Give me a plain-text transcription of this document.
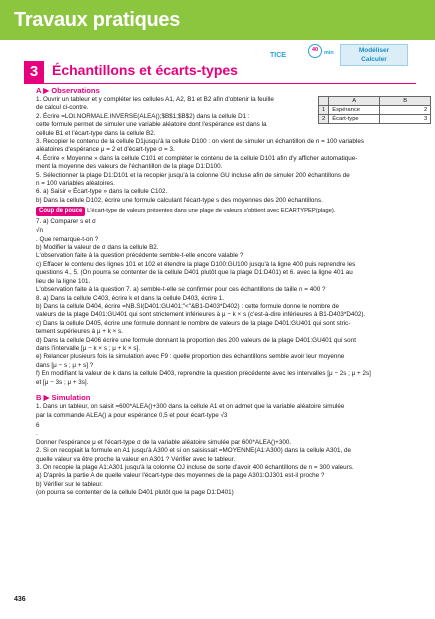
Travaux pratiques
TICE
40	min	Modéliser
Calculer
3 Échantillons et écarts-types
	A	B
1	Espérance	2
2	Écart-type	3
A ▶ Observations

1. Ouvrir un tableur et y compléter les cellules A1, A2, B1 et B2 afin d'obtenir la feuille

de calcul ci-contre.

2. Écrire =LOI.NORMALE.INVERSE(ALEA();$B$1;$B$2) dans la cellule D1 :

cette formule permet de simuler une variable aléatoire dont l'espérance est dans la

cellule B1 et l'écart-type dans la cellule B2.

3. Recopier le contenu de la cellule D1jusqu'à la cellule D100 : on vient de simuler un échantillon de n = 100 variables

aléatoires d'espérance μ = 2 et d'écart-type σ = 3.

4. Écrire « Moyenne » dans la cellule C101 et compléter le contenu de la cellule D101 afin d'y afficher automatique-

ment la moyenne des valeurs de l'échantillon de la plage D1:D100.

5. Sélectionner la plage D1:D101 et la recopier jusqu'à la colonne GU incluse afin de simuler 200 échantillons de

n = 100 variables aléatoires.

6. a) Saisir « Écart-type » dans la cellule C102.

b) Dans la cellule D102, écrire une formule calculant l'écart-type s des moyennes des 200 échantillons.

Coup de pouce L'écart-type de valeurs présentes dans une plage de valeurs s'obtient avec ECARTYPEP(plage).

7. a) Comparer s et σ

√n
. Que remarque-t-on ?

b) Modifier la valeur de σ dans la cellule B2.

L'observation faite à la question précédente semble-t-elle encore valable ?

c) Effacer le contenu des lignes 101 et 102 et étendre la plage D100:GU100 jusqu'à la ligne 400 puis reprendre les

questions 4., 5. (On pourra se contenter de la cellule D401 plutôt que la plage D1:D401) et 6. avec la ligne 401 au

lieu de la ligne 101.

L'observation faite à la question 7. a) semble-t-elle se confirmer pour ces échantillons de taille n = 400 ?

8. a) Dans la cellule C403, écrire k et dans la cellule D403, écrire 1.

b) Dans la cellule D404, écrire =NB.SI(D401:GU401;"<"&B1-D403*D402) : cette formule donne le nombre de

valeurs de la plage D401:GU401 qui sont strictement inférieures à μ − k × s (c'est-à-dire inférieures à B1-D403*D402).

c) Dans la cellule D405, écrire une formule donnant le nombre de valeurs de la plage D401:GU401 qui sont stric-

tement supérieures à μ + k × s.

d) Dans la cellule D406 écrire une formule donnant la proportion des 200 valeurs de la plage D401:GU401 qui sont

dans l'intervalle [μ − k × s ; μ + k × s].

e) Relancer plusieurs fois la simulation avec F9 : quelle proportion des échantillons semble avoir leur moyenne

dans [μ − s ; μ + s] ?

f) En modifiant la valeur de k dans la cellule D403, reprendre la question précédente avec les intervalles [μ − 2s ; μ + 2s]

et [μ − 3s ; μ + 3s].

B ▶ Simulation

1. Dans un tableur, on saisit =600*ALEA()+300 dans la cellule A1 et on admet que la variable aléatoire simulée

par la commande ALEA() a pour espérance 0,5 et pour écart-type √3

6
.

Donner l'espérance μ et l'écart-type σ de la variable aléatoire simulée par 600*ALEA()+300.

2. Si on recopiait la formule en A1 jusqu'à A300 et si on saisissait =MOYENNE(A1:A300) dans la cellule A301, de

quelle valeur va être proche la valeur en A301 ? Vérifier avec le tableur.

3. On recopie la plage A1:A301 jusqu'à la colonne OJ incluse de sorte d'avoir 400 échantillons de n = 300 valeurs.

a) D'après la partie A de quelle valeur l'écart-type des moyennes de la page A301:OJ301 est-il proche ?

b) Vérifier sur le tableur.

(on pourra se contenter de la cellule D401 plutôt que la page D1:D401)

436
